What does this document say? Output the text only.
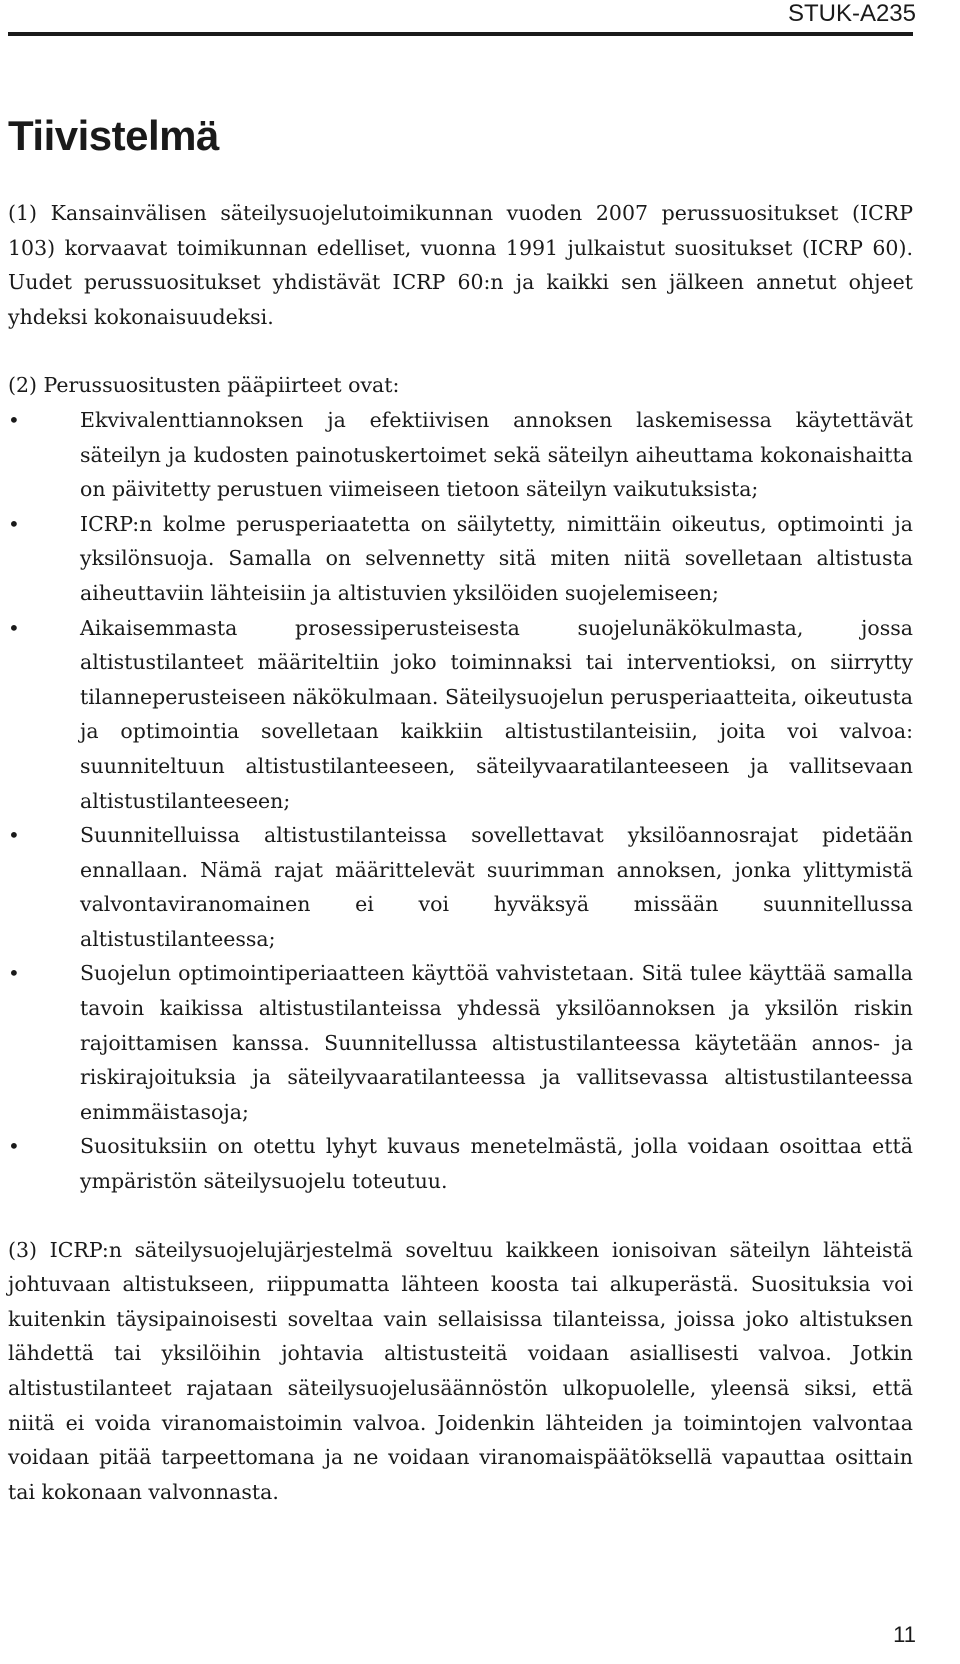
STUK-A235
Tiivistelmä

(1) Kansainvälisen säteilysuojelutoimikunnan vuoden 2007 perussuositukset (ICRP 103) korvaavat toimikunnan edelliset, vuonna 1991 julkaistut suositukset (ICRP 60). Uudet perussuositukset yhdistävät ICRP 60:n ja kaikki sen jälkeen annetut ohjeet yhdeksi kokonaisuudeksi.

(2) Perussuositusten pääpiirteet ovat:

•	Ekvivalenttiannoksen ja efektiivisen annoksen laskemisessa käytettävät säteilyn ja kudosten painotuskertoimet sekä säteilyn aiheuttama kokonaishaitta on päivitetty perustuen viimeiseen tietoon säteilyn vaikutuksista;
•	ICRP:n kolme perusperiaatetta on säilytetty, nimittäin oikeutus, optimointi ja yksilönsuoja. Samalla on selvennetty sitä miten niitä sovelletaan altistusta aiheuttaviin lähteisiin ja altistuvien yksilöiden suojelemiseen;
•	Aikaisemmasta prosessiperusteisesta suojelunäkökulmasta, jossa altistustilanteet määriteltiin joko toiminnaksi tai interventioksi, on siirrytty tilanneperusteiseen näkökulmaan. Säteilysuojelun perusperiaatteita, oikeutusta ja optimointia sovelletaan kaikkiin altistustilanteisiin, joita voi valvoa: suunniteltuun altistustilanteeseen, säteilyvaaratilanteeseen ja vallitsevaan altistustilanteeseen;
•	Suunnitelluissa altistustilanteissa sovellettavat yksilöannosrajat pidetään ennallaan. Nämä rajat määrittelevät suurimman annoksen, jonka ylittymistä valvontaviranomainen ei voi hyväksyä missään suunnitellussa altistustilanteessa;
•	Suojelun optimointiperiaatteen käyttöä vahvistetaan. Sitä tulee käyttää samalla tavoin kaikissa altistustilanteissa yhdessä yksilöannoksen ja yksilön riskin rajoittamisen kanssa. Suunnitellussa altistustilanteessa käytetään annos- ja riskirajoituksia ja säteilyvaaratilanteessa ja vallitsevassa altistustilanteessa enimmäistasoja;
•	Suosituksiin on otettu lyhyt kuvaus menetelmästä, jolla voidaan osoittaa että ympäristön säteilysuojelu toteutuu.

(3) ICRP:n säteilysuojelujärjestelmä soveltuu kaikkeen ionisoivan säteilyn lähteistä johtuvaan altistukseen, riippumatta lähteen koosta tai alkuperästä. Suosituksia voi kuitenkin täysipainoisesti soveltaa vain sellaisissa tilanteissa, joissa joko altistuksen lähdettä tai yksilöihin johtavia altistusteitä voidaan asiallisesti valvoa. Jotkin altistustilanteet rajataan säteilysuojelusäännöstön ulkopuolelle, yleensä siksi, että niitä ei voida viranomaistoimin valvoa. Joidenkin lähteiden ja toimintojen valvontaa voidaan pitää tarpeettomana ja ne voidaan viranomaispäätöksellä vapauttaa osittain tai kokonaan valvonnasta.

11
